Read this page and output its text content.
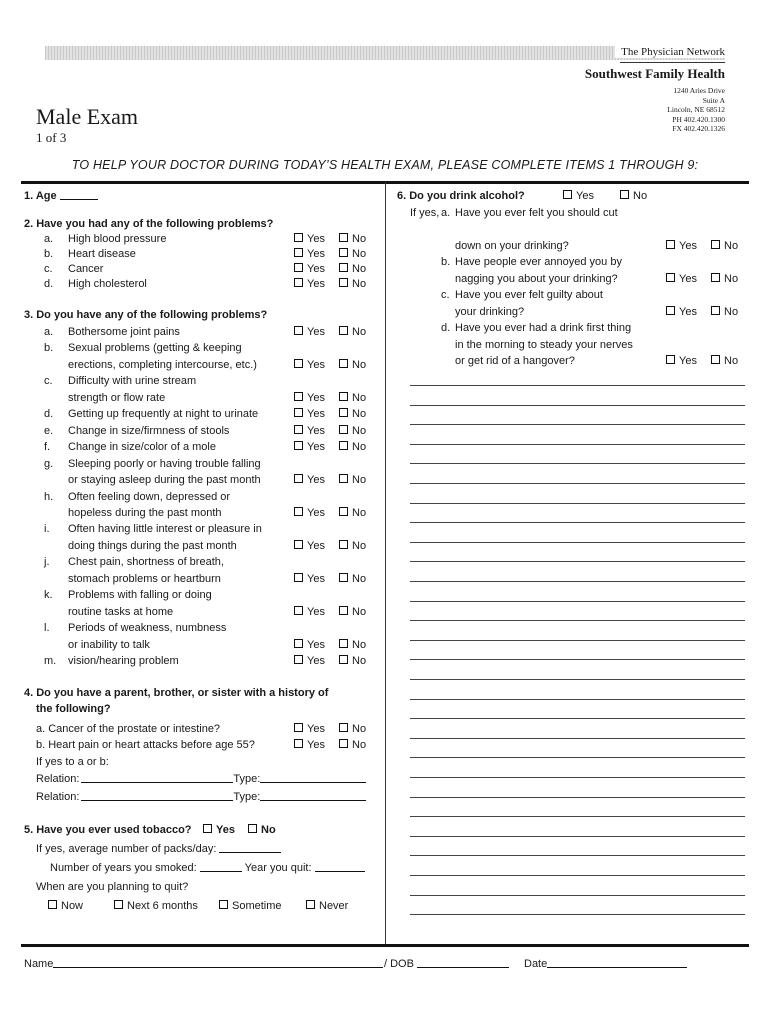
The Physician Network
Southwest Family Health
1240 Aries Drive
Suite A
Lincoln, NE 68512
PH 402.420.1300
FX 402.420.1326
Male Exam
1 of 3
TO HELP YOUR DOCTOR DURING TODAY’S HEALTH EXAM, PLEASE COMPLETE ITEMS 1 THROUGH 9:
1. Age
2. Have you had any of the following problems?
a. High blood pressure	Yes	No
b. Heart disease	Yes	No
c. Cancer	Yes	No
d. High cholesterol	Yes	No
3. Do you have any of the following problems?
a. Bothersome joint pains	Yes	No
b. Sexual problems (getting & keeping
erections, completing intercourse, etc.)	Yes	No
c. Difficulty with urine stream
strength or flow rate	Yes	No
d. Getting up frequently at night to urinate	Yes	No
e. Change in size/firmness of stools	Yes	No
f. Change in size/color of a mole	Yes	No
g. Sleeping poorly or having trouble falling
or staying asleep during the past month	Yes	No
h. Often feeling down, depressed or
hopeless during the past month	Yes	No
i. Often having little interest or pleasure in
doing things during the past month	Yes	No
j. Chest pain, shortness of breath,
stomach problems or heartburn	Yes	No
k. Problems with falling or doing
routine tasks at home	Yes	No
l. Periods of weakness, numbness
or inability to talk	Yes	No
m. vision/hearing problem	Yes	No
4. Do you have a parent, brother, or sister with a history of
the following?
a. Cancer of the prostate or intestine?	Yes	No
b. Heart pain or heart attacks before age 55?	Yes	No
If yes to a or b:
Relation:	Type:
Relation:	Type:
5. Have you ever used tobacco?	Yes	No
If yes, average number of packs/day:
Number of years you smoked:	Year you quit:
When are you planning to quit?
Now	Next 6 months	Sometime	Never
6. Do you drink alcohol?	Yes	No
If yes, a. Have you ever felt you should cut
down on your drinking?	Yes	No
b. Have people ever annoyed you by
nagging you about your drinking?	Yes	No
c. Have you ever felt guilty about
your drinking?	Yes	No
d. Have you ever had a drink first thing
in the morning to steady your nerves
or get rid of a hangover?	Yes	No
Name	/ DOB	Date
